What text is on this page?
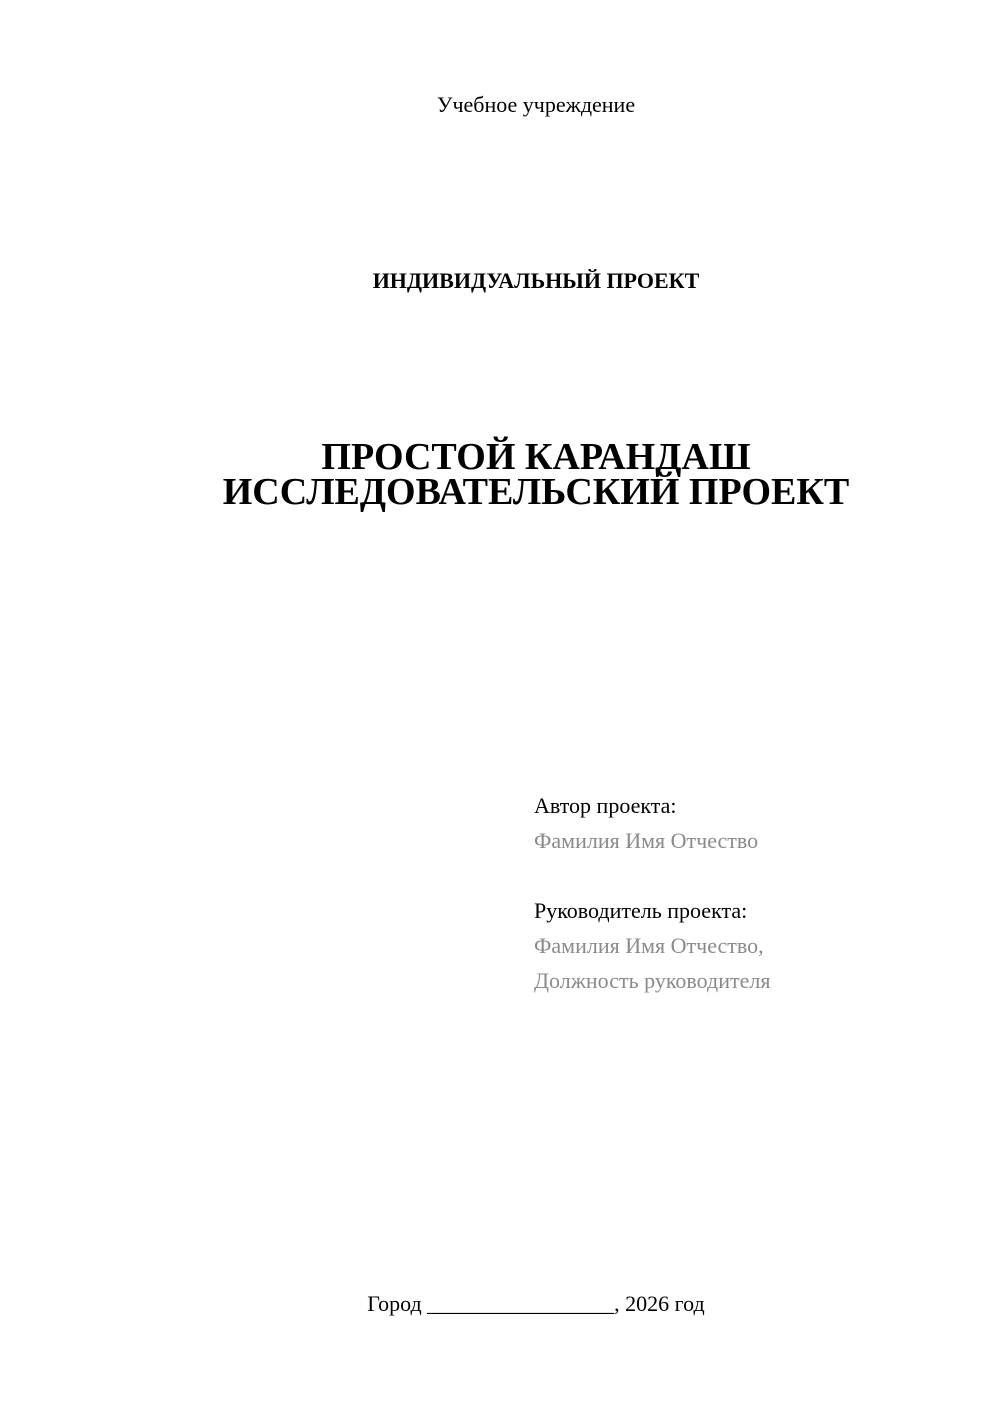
Учебное учреждение
ИНДИВИДУАЛЬНЫЙ ПРОЕКТ
ПРОСТОЙ КАРАНДАШ
ИССЛЕДОВАТЕЛЬСКИЙ ПРОЕКТ
Автор проекта:
Фамилия Имя Отчество
Руководитель проекта:
Фамилия Имя Отчество,
Должность руководителя
Город _________________, 2026 год
